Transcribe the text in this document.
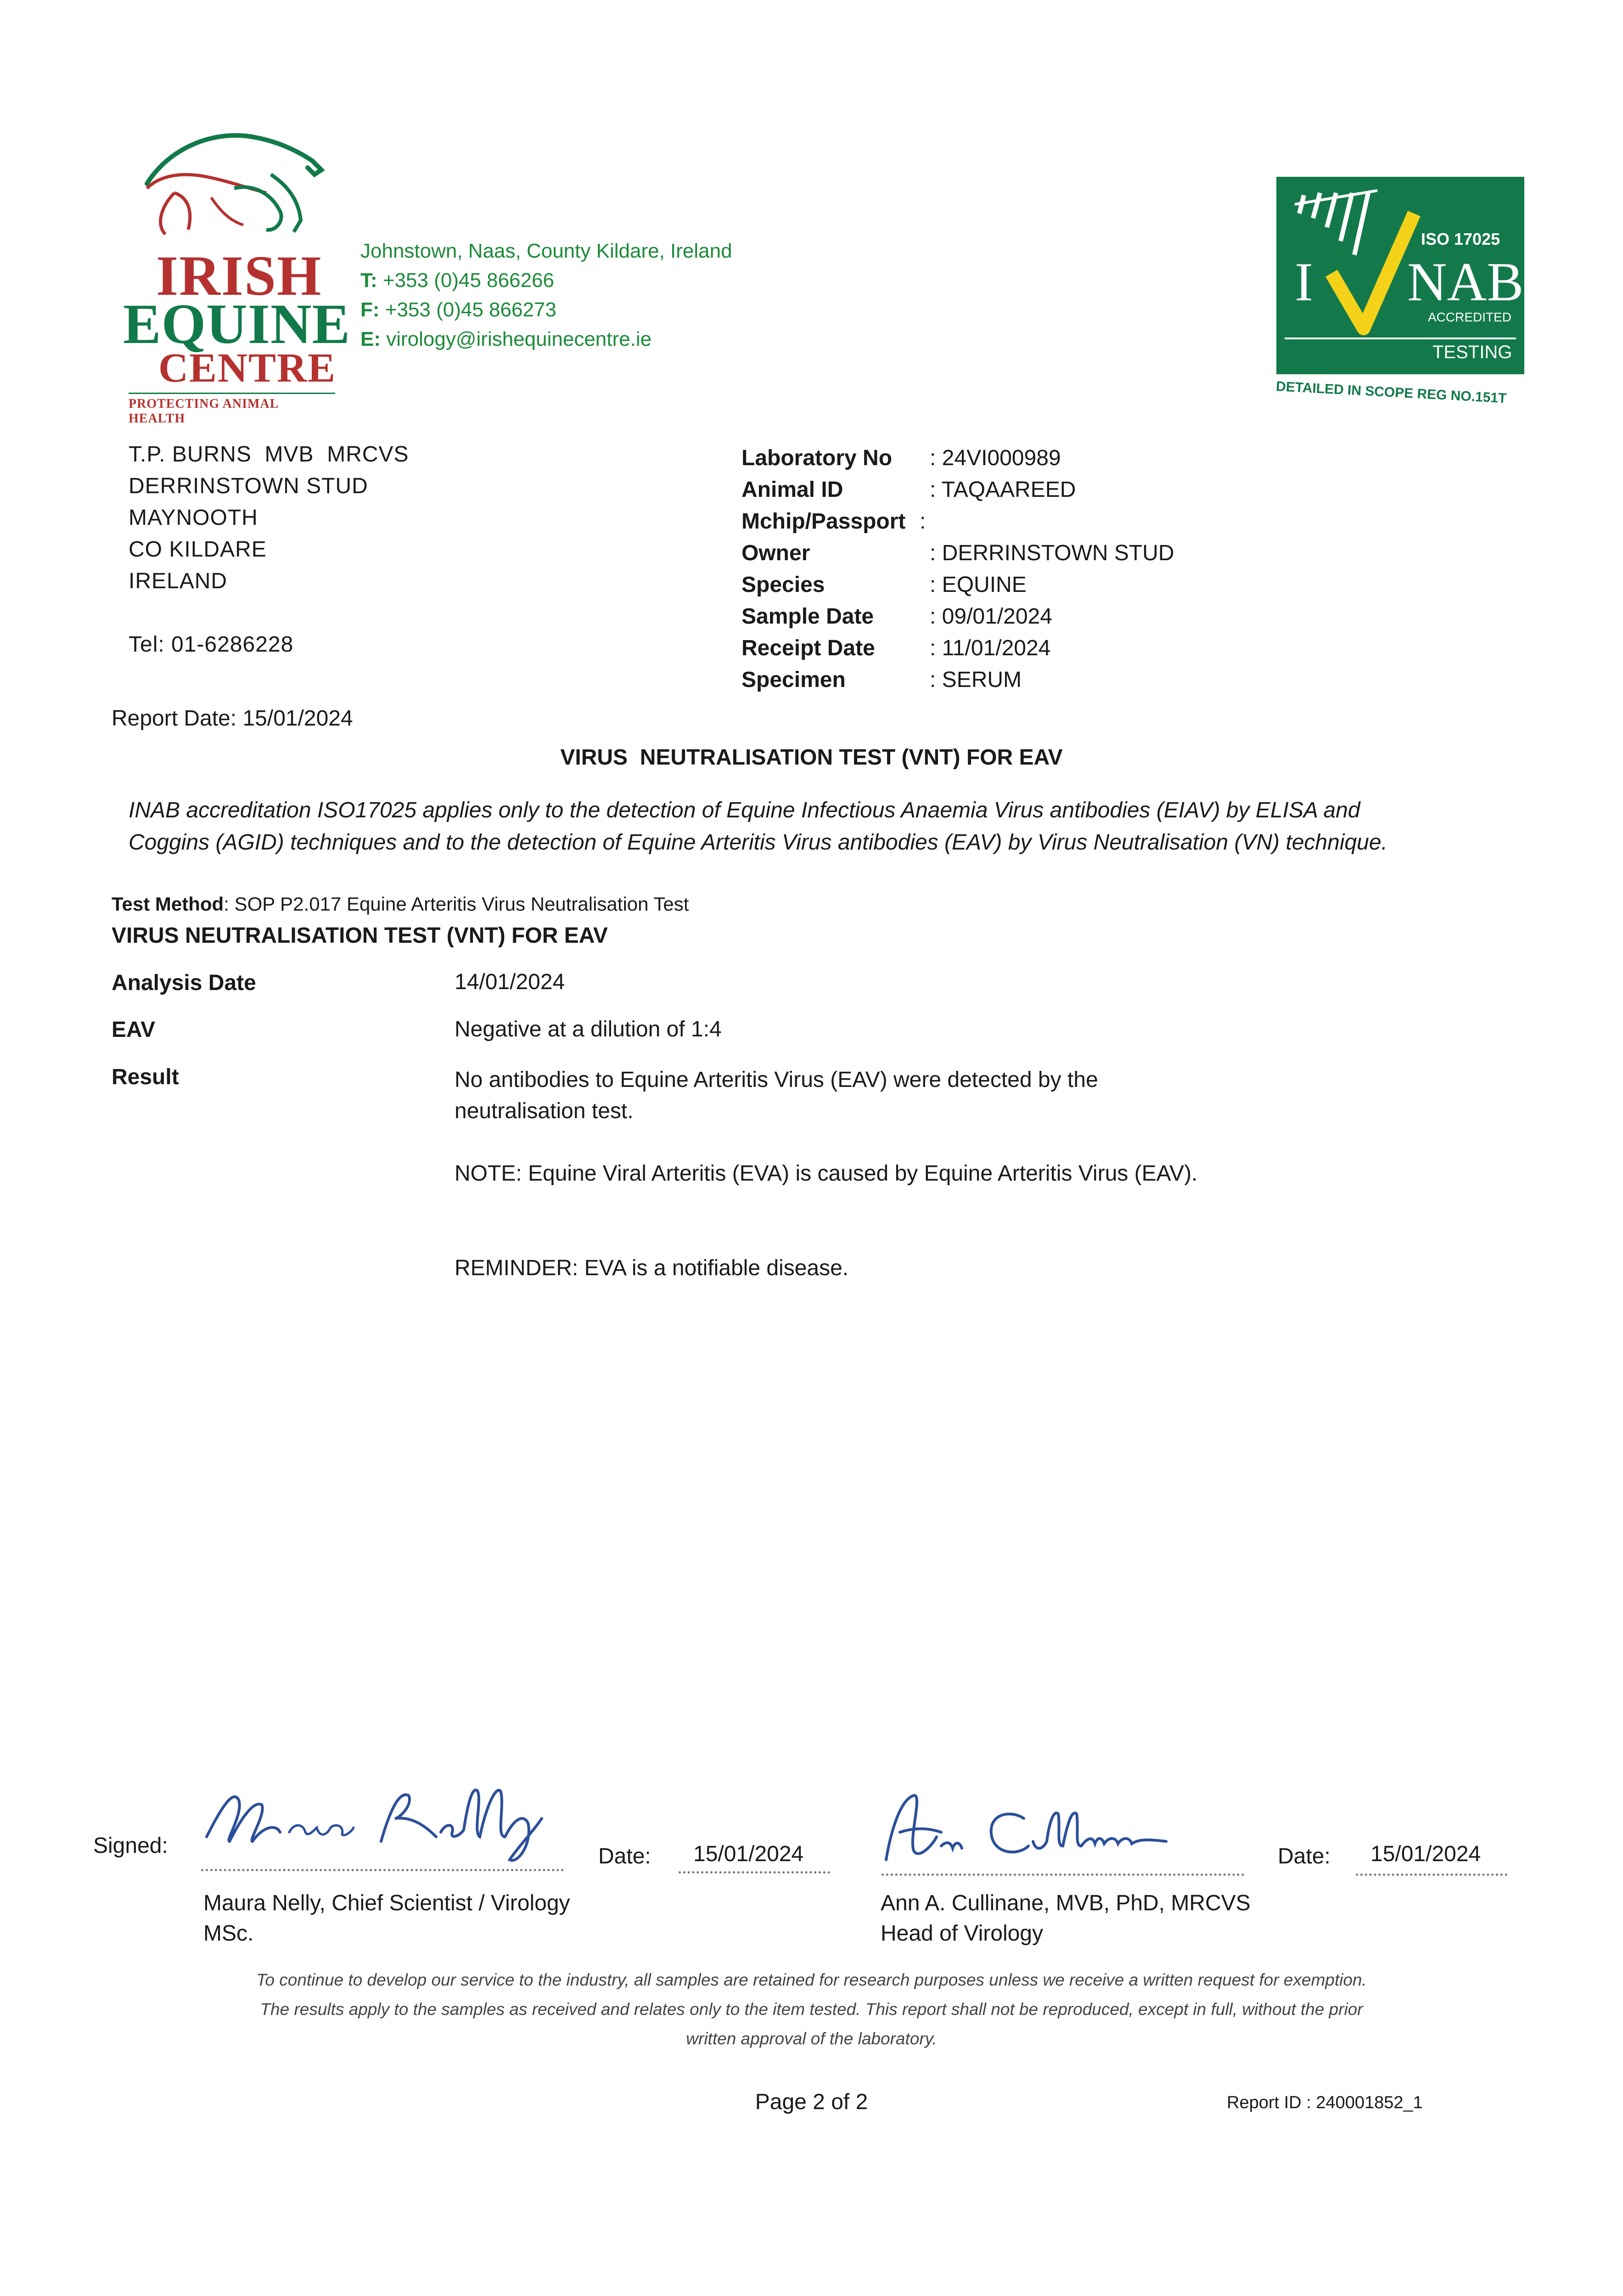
IRISH
EQUINE
CENTRE
PROTECTING ANIMAL HEALTH
Johnstown, Naas, County Kildare, Ireland
T: +353 (0)45 866266
F: +353 (0)45 866273
E: virology@irishequinecentre.ie
ISO 17025
I NAB
ACCREDITED
TESTING
DETAILED IN SCOPE REG NO.151T
T.P. BURNS  MVB  MRCVS
DERRINSTOWN STUD
MAYNOOTH
CO KILDARE
IRELAND
Tel: 01-6286228
Laboratory No	: 24VI000989
Animal ID	: TAQAAREED
Mchip/Passport	:
Owner	: DERRINSTOWN STUD
Species	: EQUINE
Sample Date	: 09/01/2024
Receipt Date	: 11/01/2024
Specimen	: SERUM
Report Date: 15/01/2024
VIRUS  NEUTRALISATION TEST (VNT) FOR EAV
INAB accreditation ISO17025 applies only to the detection of Equine Infectious Anaemia Virus antibodies (EIAV) by ELISA and Coggins (AGID) techniques and to the detection of Equine Arteritis Virus antibodies (EAV) by Virus Neutralisation (VN) technique.
Test Method: SOP P2.017 Equine Arteritis Virus Neutralisation Test
VIRUS NEUTRALISATION TEST (VNT) FOR EAV
Analysis Date	14/01/2024
EAV	Negative at a dilution of 1:4
Result	No antibodies to Equine Arteritis Virus (EAV) were detected by the neutralisation test.
NOTE: Equine Viral Arteritis (EVA) is caused by Equine Arteritis Virus (EAV).
REMINDER: EVA is a notifiable disease.
Signed:	Date: 15/01/2024
Maura Nelly, Chief Scientist / Virology
MSc.
Date: 15/01/2024
Ann A. Cullinane, MVB, PhD, MRCVS
Head of Virology
To continue to develop our service to the industry, all samples are retained for research purposes unless we receive a written request for exemption.
The results apply to the samples as received and relates only to the item tested. This report shall not be reproduced, except in full, without the prior
written approval of the laboratory.
Page 2 of 2	Report ID : 240001852_1
